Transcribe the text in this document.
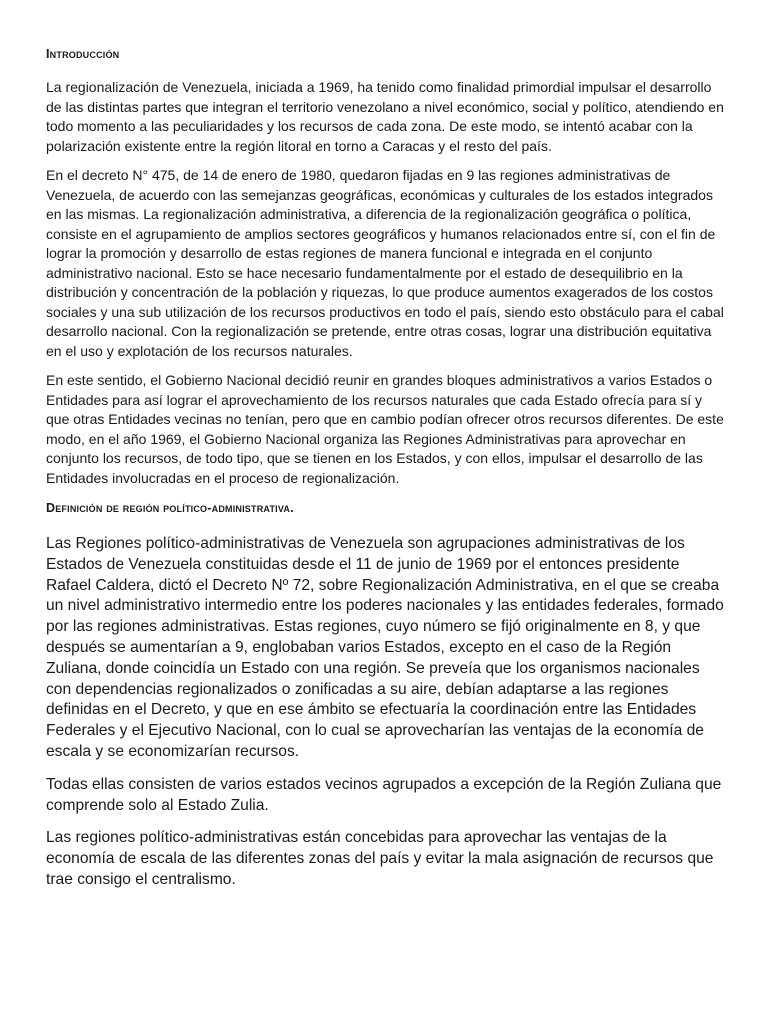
Introducción

La regionalización de Venezuela, iniciada a 1969, ha tenido como finalidad primordial impulsar el desarrollo de las distintas partes que integran el territorio venezolano a nivel económico, social y político, atendiendo en todo momento a las peculiaridades y los recursos de cada zona. De este modo, se intentó acabar con la polarización existente entre la región litoral en torno a Caracas y el resto del país.

En el decreto N° 475, de 14 de enero de 1980, quedaron fijadas en 9 las regiones administrativas de Venezuela, de acuerdo con las semejanzas geográficas, económicas y culturales de los estados integrados en las mismas. La regionalización administrativa, a diferencia de la regionalización geográfica o política, consiste en el agrupamiento de amplios sectores geográficos y humanos relacionados entre sí, con el fin de lograr la promoción y desarrollo de estas regiones de manera funcional e integrada en el conjunto administrativo nacional. Esto se hace necesario fundamentalmente por el estado de desequilibrio en la distribución y concentración de la población y riquezas, lo que produce aumentos exagerados de los costos sociales y una sub utilización de los recursos productivos en todo el país, siendo esto obstáculo para el cabal desarrollo nacional. Con la regionalización se pretende, entre otras cosas, lograr una distribución equitativa en el uso y explotación de los recursos naturales.

En este sentido, el Gobierno Nacional decidió reunir en grandes bloques administrativos a varios Estados o Entidades para así lograr el aprovechamiento de los recursos naturales que cada Estado ofrecía para sí y que otras Entidades vecinas no tenían, pero que en cambio podían ofrecer otros recursos diferentes. De este modo, en el año 1969, el Gobierno Nacional organiza las Regiones Administrativas para aprovechar en conjunto los recursos, de todo tipo, que se tienen en los Estados, y con ellos, impulsar el desarrollo de las Entidades involucradas en el proceso de regionalización.

Definición de región político-administrativa.

Las Regiones político-administrativas de Venezuela son agrupaciones administrativas de los Estados de Venezuela constituidas desde el 11 de junio de 1969 por el entonces presidente Rafael Caldera, dictó el Decreto Nº 72, sobre Regionalización Administrativa, en el que se creaba un nivel administrativo intermedio entre los poderes nacionales y las entidades federales, formado por las regiones administrativas. Estas regiones, cuyo número se fijó originalmente en 8, y que después se aumentarían a 9, englobaban varios Estados, excepto en el caso de la Región Zuliana, donde coincidía un Estado con una región. Se preveía que los organismos nacionales con dependencias regionalizados o zonificadas a su aire, debían adaptarse a las regiones definidas en el Decreto, y que en ese ámbito se efectuaría la coordinación entre las Entidades Federales y el Ejecutivo Nacional, con lo cual se aprovecharían las ventajas de la economía de escala y se economizarían recursos.

Todas ellas consisten de varios estados vecinos agrupados a excepción de la Región Zuliana que comprende solo al Estado Zulia.

Las regiones político-administrativas están concebidas para aprovechar las ventajas de la economía de escala de las diferentes zonas del país y evitar la mala asignación de recursos que trae consigo el centralismo.
